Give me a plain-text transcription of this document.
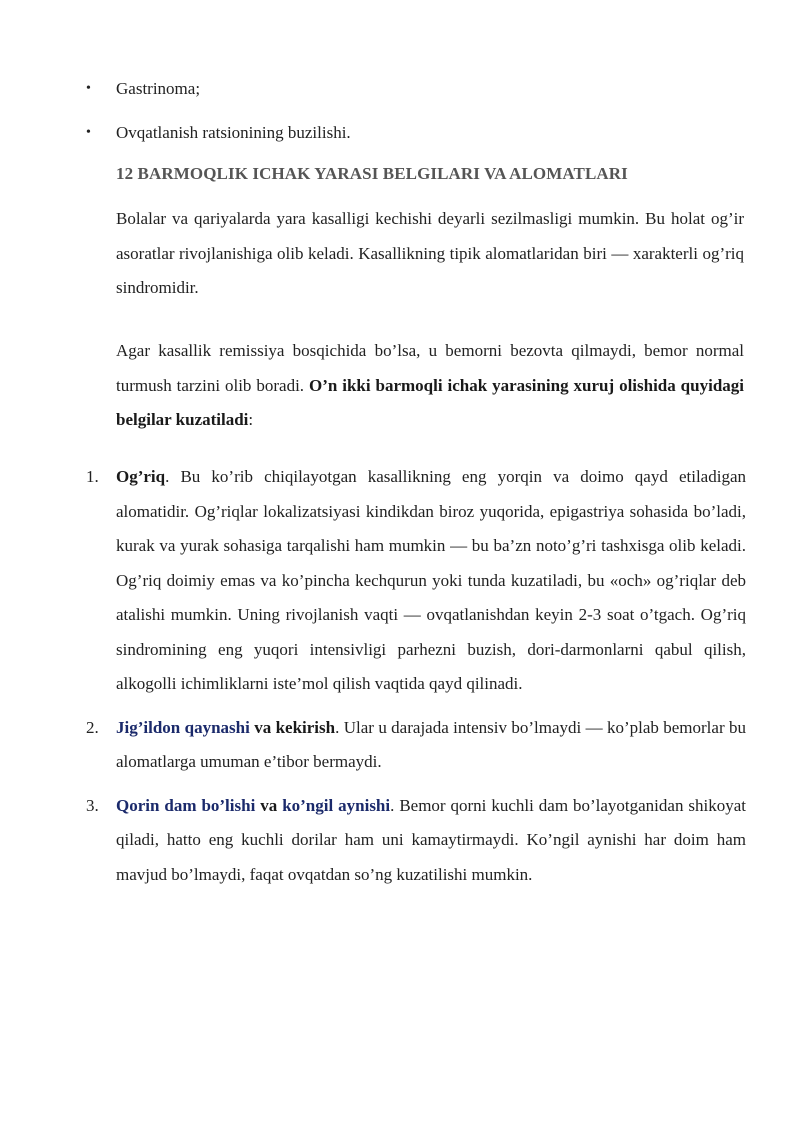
•	Gastrinoma;
•	Ovqatlanish ratsionining buzilishi.
12 BARMOQLIK ICHAK YARASI BELGILARI VA ALOMATLARI
Bolalar va qariyalarda yara kasalligi kechishi deyarli sezilmasligi mumkin. Bu holat og’ir asoratlar rivojlanishiga olib keladi. Kasallikning tipik alomatlaridan biri — xarakterli og’riq sindromidir.
Agar kasallik remissiya bosqichida bo’lsa, u bemorni bezovta qilmaydi, bemor normal turmush tarzini olib boradi. O’n ikki barmoqli ichak yarasining xuruj olishida quyidagi belgilar kuzatiladi:
1.	Og’riq. Bu ko’rib chiqilayotgan kasallikning eng yorqin va doimo qayd etiladigan alomatidir. Og’riqlar lokalizatsiyasi kindikdan biroz yuqorida, epigastriya sohasida bo’ladi, kurak va yurak sohasiga tarqalishi ham mumkin — bu ba’zn noto’g’ri tashxisga olib keladi. Og’riq doimiy emas va ko’pincha kechqurun yoki tunda kuzatiladi, bu «och» og’riqlar deb atalishi mumkin. Uning rivojlanish vaqti — ovqatlanishdan keyin 2-3 soat o’tgach. Og’riq sindromining eng yuqori intensivligi parhezni buzish, dori-darmonlarni qabul qilish, alkogolli ichimliklarni iste’mol qilish vaqtida qayd qilinadi.
2.	Jig’ildon qaynashi va kekirish. Ular u darajada intensiv bo’lmaydi — ko’plab bemorlar bu alomatlarga umuman e’tibor bermaydi.
3.	Qorin dam bo’lishi va ko’ngil aynishi. Bemor qorni kuchli dam bo’layotganidan shikoyat qiladi, hatto eng kuchli dorilar ham uni kamaytirmaydi. Ko’ngil aynishi har doim ham mavjud bo’lmaydi, faqat ovqatdan so’ng kuzatilishi mumkin.
